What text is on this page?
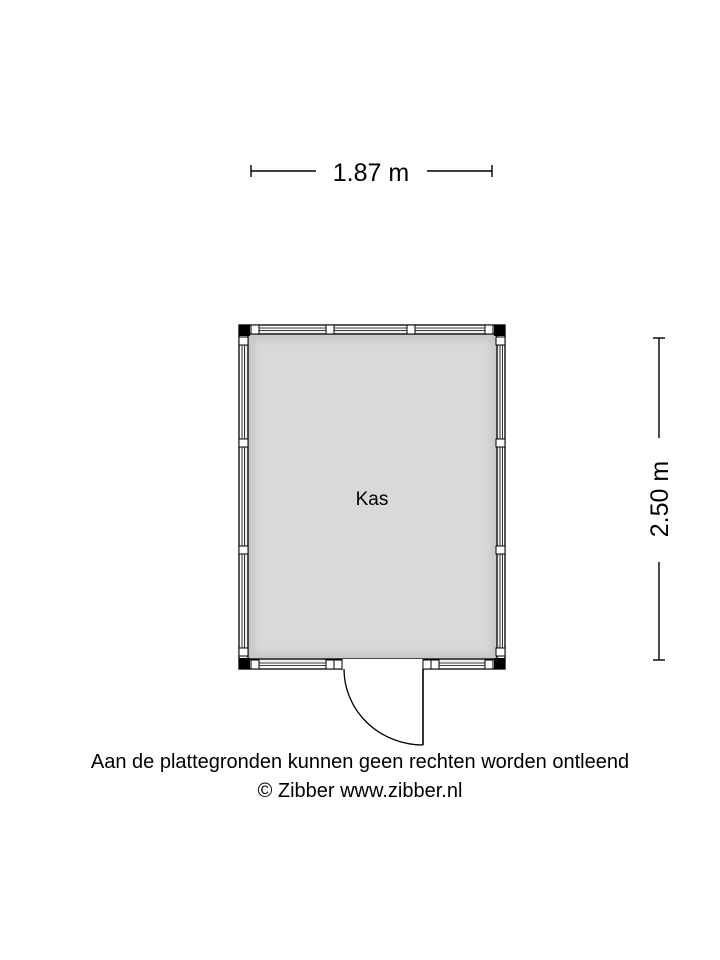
1.87 m
2.50 m
Kas
Aan de plattegronden kunnen geen rechten worden ontleend
© Zibber www.zibber.nl
